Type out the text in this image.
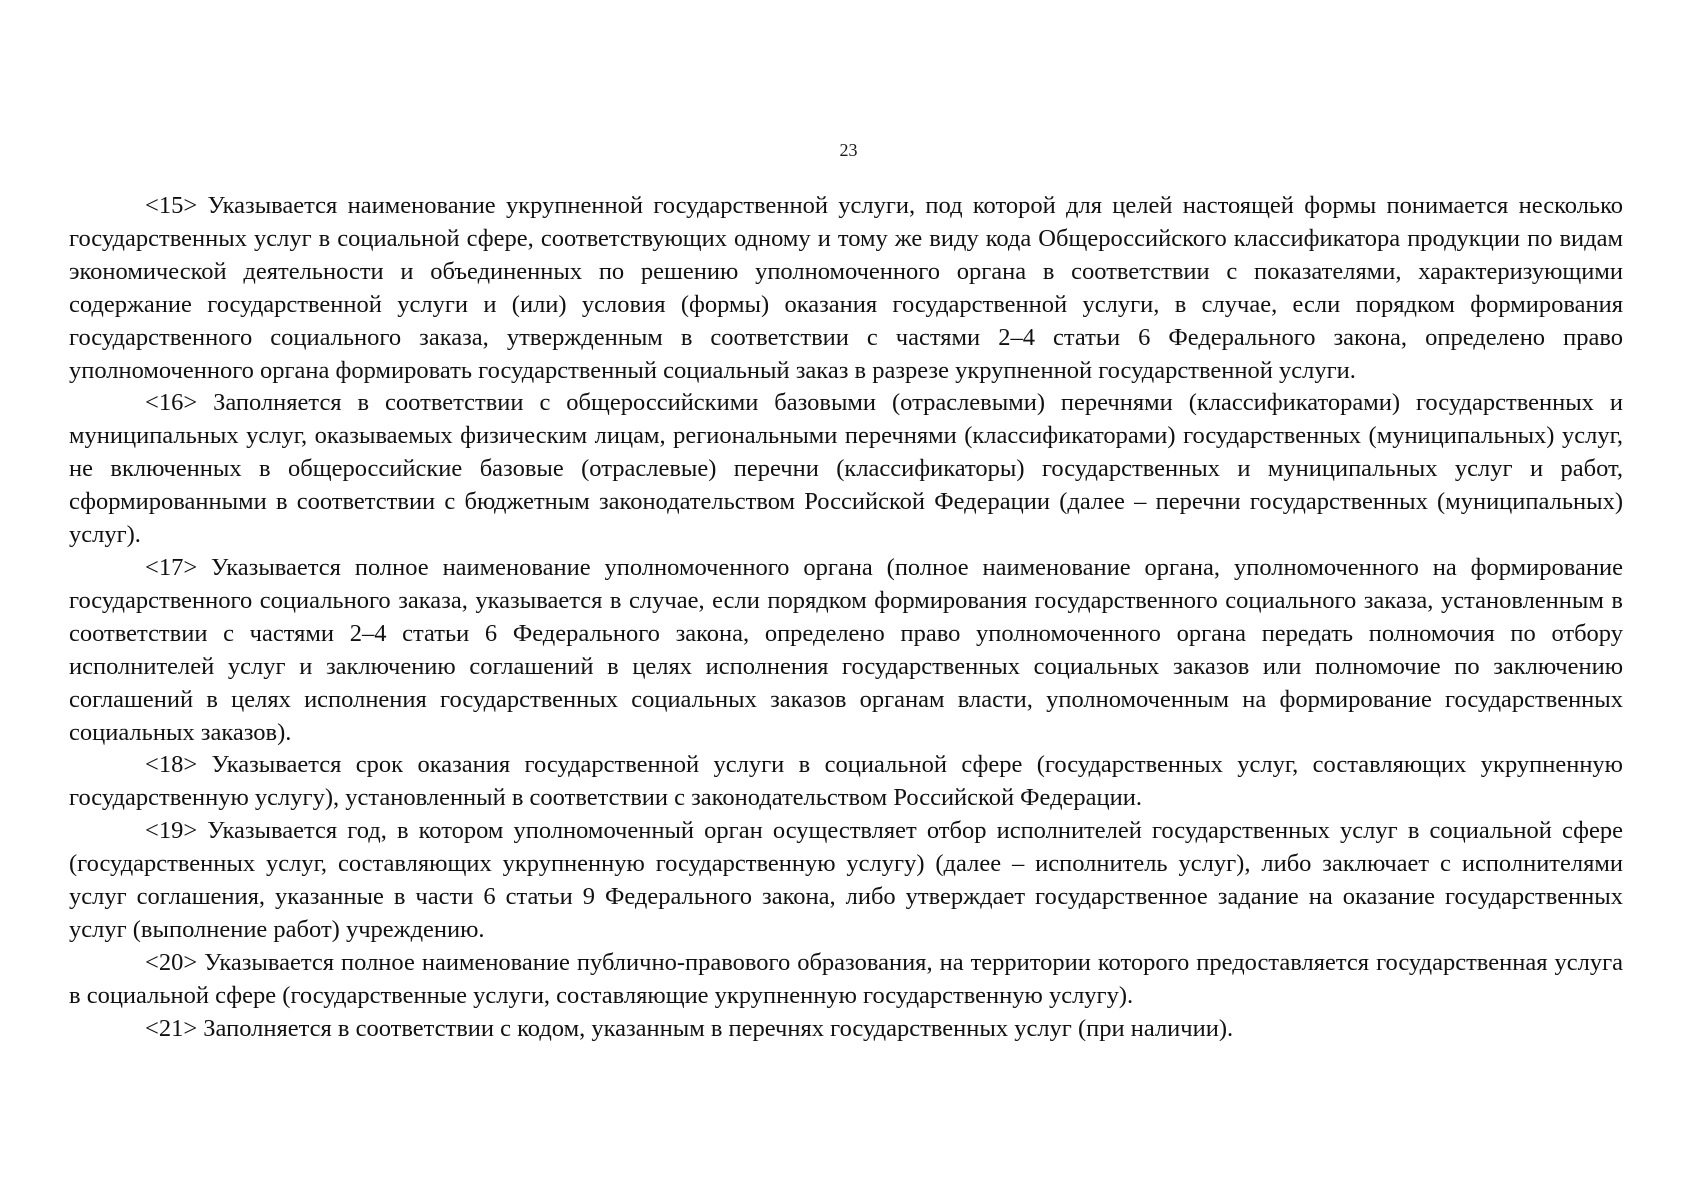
23

<15> Указывается наименование укрупненной государственной услуги, под которой для целей настоящей формы понимается несколько государственных услуг в социальной сфере, соответствующих одному и тому же виду кода Общероссийского классификатора продукции по видам экономической деятельности и объединенных по решению уполномоченного органа в соответствии с показателями, характеризующими содержание государственной услуги и (или) условия (формы) оказания государственной услуги, в случае, если порядком формирования государственного социального заказа, утвержденным в соответствии с частями 2–4 статьи 6 Федерального закона, определено право уполномоченного органа формировать государственный социальный заказ в разрезе укрупненной государственной услуги.

<16> Заполняется в соответствии с общероссийскими базовыми (отраслевыми) перечнями (классификаторами) государственных и муниципальных услуг, оказываемых физическим лицам, региональными перечнями (классификаторами) государственных (муниципальных) услуг, не включенных в общероссийские базовые (отраслевые) перечни (классификаторы) государственных и муниципальных услуг и работ, сформированными в соответствии с бюджетным законодательством Российской Федерации (далее – перечни государственных (муниципальных) услуг).

<17> Указывается полное наименование уполномоченного органа (полное наименование органа, уполномоченного на формирование государственного социального заказа, указывается в случае, если порядком формирования государственного социального заказа, установленным в соответствии с частями 2–4 статьи 6 Федерального закона, определено право уполномоченного органа передать полномочия по отбору исполнителей услуг и заключению соглашений в целях исполнения государственных социальных заказов или полномочие по заключению соглашений в целях исполнения государственных социальных заказов органам власти, уполномоченным на формирование государственных социальных заказов).

<18> Указывается срок оказания государственной услуги в социальной сфере (государственных услуг, составляющих укрупненную государственную услугу), установленный в соответствии с законодательством Российской Федерации.

<19> Указывается год, в котором уполномоченный орган осуществляет отбор исполнителей государственных услуг в социальной сфере (государственных услуг, составляющих укрупненную государственную услугу) (далее – исполнитель услуг), либо заключает с исполнителями услуг соглашения, указанные в части 6 статьи 9 Федерального закона, либо утверждает государственное задание на оказание государственных услуг (выполнение работ) учреждению.

<20> Указывается полное наименование публично-правового образования, на территории которого предоставляется государственная услуга в социальной сфере (государственные услуги, составляющие укрупненную государственную услугу).

<21> Заполняется в соответствии с кодом, указанным в перечнях государственных услуг (при наличии).
